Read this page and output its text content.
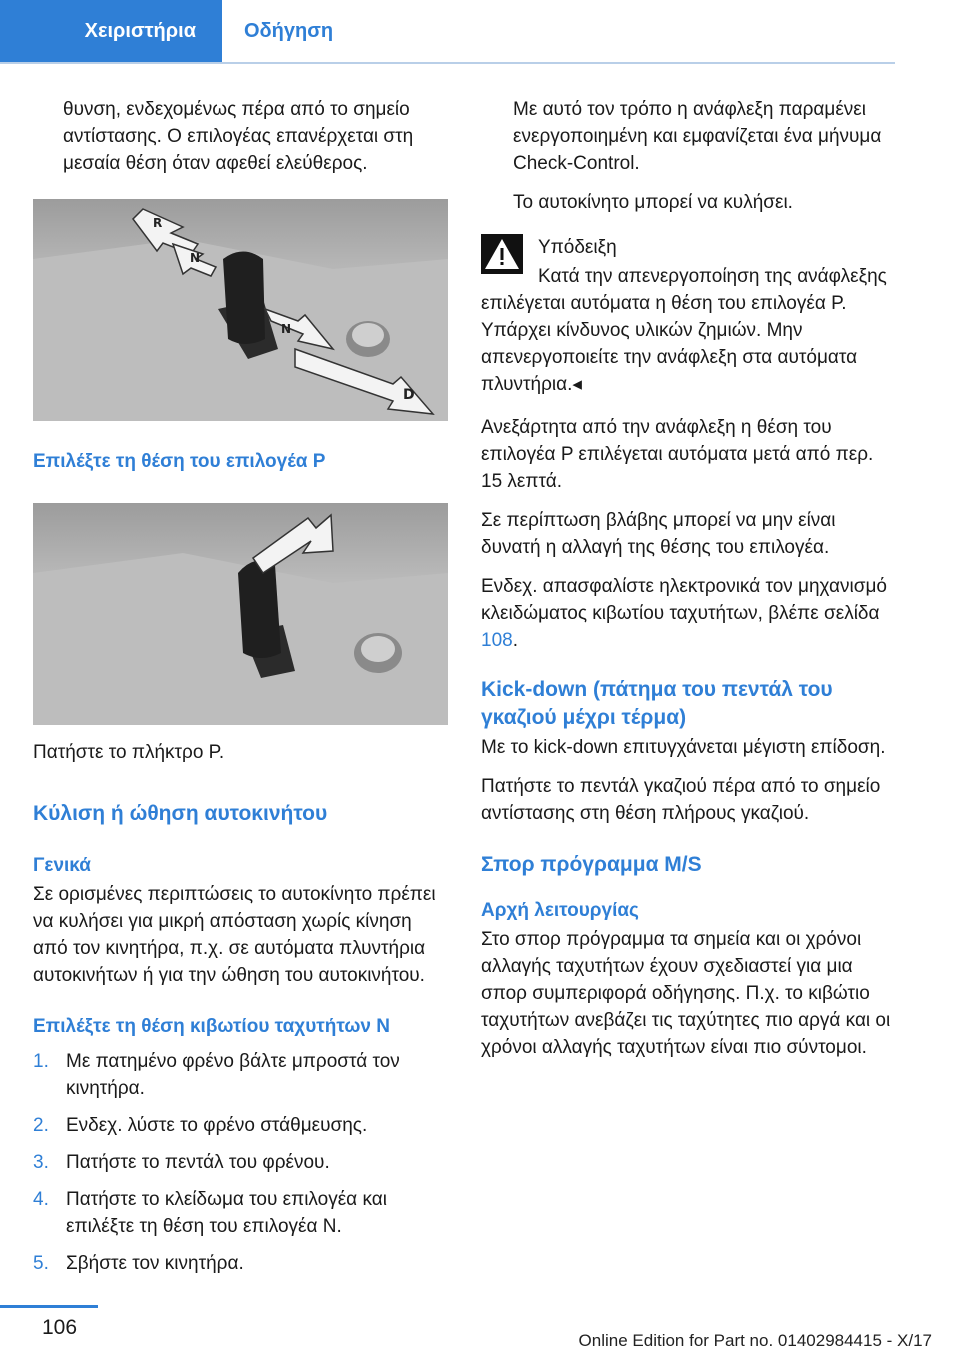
Χειριστήρια Οδήγηση

θυνση, ενδεχομένως πέρα από το σημείο αντίστασης. Ο επιλογέας επανέρχεται στη μεσαία θέση όταν αφεθεί ελεύθερος.

R
N
N
D

Επιλέξτε τη θέση του επιλογέα P

Πατήστε το πλήκτρο P.

Κύλιση ή ώθηση αυτοκινήτου

Γενικά

Σε ορισμένες περιπτώσεις το αυτοκίνητο πρέπει να κυλήσει για μικρή απόσταση χωρίς κίνηση από τον κινητήρα, π.χ. σε αυτόματα πλυντήρια αυτοκινήτων ή για την ώθηση του αυτοκινήτου.

Επιλέξτε τη θέση κιβωτίου ταχυτήτων N

1. Με πατημένο φρένο βάλτε μπροστά τον κινητήρα.
2. Ενδεχ. λύστε το φρένο στάθμευσης.
3. Πατήστε το πεντάλ του φρένου.
4. Πατήστε το κλείδωμα του επιλογέα και επιλέξτε τη θέση του επιλογέα N.
5. Σβήστε τον κινητήρα.

Με αυτό τον τρόπο η ανάφλεξη παραμένει ενεργοποιημένη και εμφανίζεται ένα μήνυμα Check-Control.

Το αυτοκίνητο μπορεί να κυλήσει.

Υπόδειξη

Κατά την απενεργοποίηση της ανάφλεξης επιλέγεται αυτόματα η θέση του επιλογέα P. Υπάρχει κίνδυνος υλικών ζημιών. Μην απενεργοποιείτε την ανάφλεξη στα αυτόματα πλυντήρια.◂

Ανεξάρτητα από την ανάφλεξη η θέση του επιλογέα P επιλέγεται αυτόματα μετά από περ. 15 λεπτά.

Σε περίπτωση βλάβης μπορεί να μην είναι δυνατή η αλλαγή της θέσης του επιλογέα.

Ενδεχ. απασφαλίστε ηλεκτρονικά τον μηχανισμό κλειδώματος κιβωτίου ταχυτήτων, βλέπε σελίδα 108.

Kick-down (πάτημα του πεντάλ του γκαζιού μέχρι τέρμα)

Με το kick-down επιτυγχάνεται μέγιστη επίδοση.

Πατήστε το πεντάλ γκαζιού πέρα από το σημείο αντίστασης στη θέση πλήρους γκαζιού.

Σπορ πρόγραμμα M/S

Αρχή λειτουργίας

Στο σπορ πρόγραμμα τα σημεία και οι χρόνοι αλλαγής ταχυτήτων έχουν σχεδιαστεί για μια σπορ συμπεριφορά οδήγησης. Π.χ. το κιβώτιο ταχυτήτων ανεβάζει τις ταχύτητες πιο αργά και οι χρόνοι αλλαγής ταχυτήτων είναι πιο σύντομοι.

106
Online Edition for Part no. 01402984415 - X/17
